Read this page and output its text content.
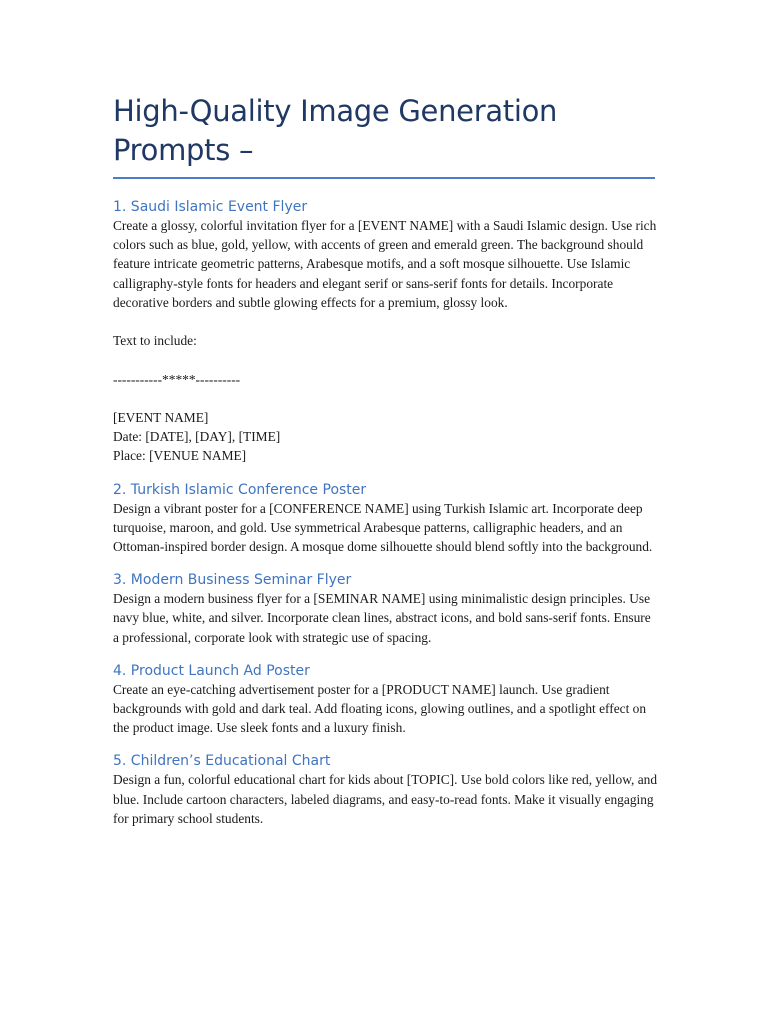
High-Quality Image Generation Prompts –
1. Saudi Islamic Event Flyer

Create a glossy, colorful invitation flyer for a [EVENT NAME] with a Saudi Islamic design. Use rich colors such as blue, gold, yellow, with accents of green and emerald green. The background should feature intricate geometric patterns, Arabesque motifs, and a soft mosque silhouette. Use Islamic calligraphy-style fonts for headers and elegant serif or sans-serif fonts for details. Incorporate decorative borders and subtle glowing effects for a premium, glossy look.

Text to include:

-----------*****----------

[EVENT NAME]

Date: [DATE], [DAY], [TIME]

Place: [VENUE NAME]

2. Turkish Islamic Conference Poster

Design a vibrant poster for a [CONFERENCE NAME] using Turkish Islamic art. Incorporate deep turquoise, maroon, and gold. Use symmetrical Arabesque patterns, calligraphic headers, and an Ottoman-inspired border design. A mosque dome silhouette should blend softly into the background.

3. Modern Business Seminar Flyer

Design a modern business flyer for a [SEMINAR NAME] using minimalistic design principles. Use navy blue, white, and silver. Incorporate clean lines, abstract icons, and bold sans-serif fonts. Ensure a professional, corporate look with strategic use of spacing.

4. Product Launch Ad Poster

Create an eye-catching advertisement poster for a [PRODUCT NAME] launch. Use gradient backgrounds with gold and dark teal. Add floating icons, glowing outlines, and a spotlight effect on the product image. Use sleek fonts and a luxury finish.

5. Children’s Educational Chart

Design a fun, colorful educational chart for kids about [TOPIC]. Use bold colors like red, yellow, and blue. Include cartoon characters, labeled diagrams, and easy-to-read fonts. Make it visually engaging for primary school students.
